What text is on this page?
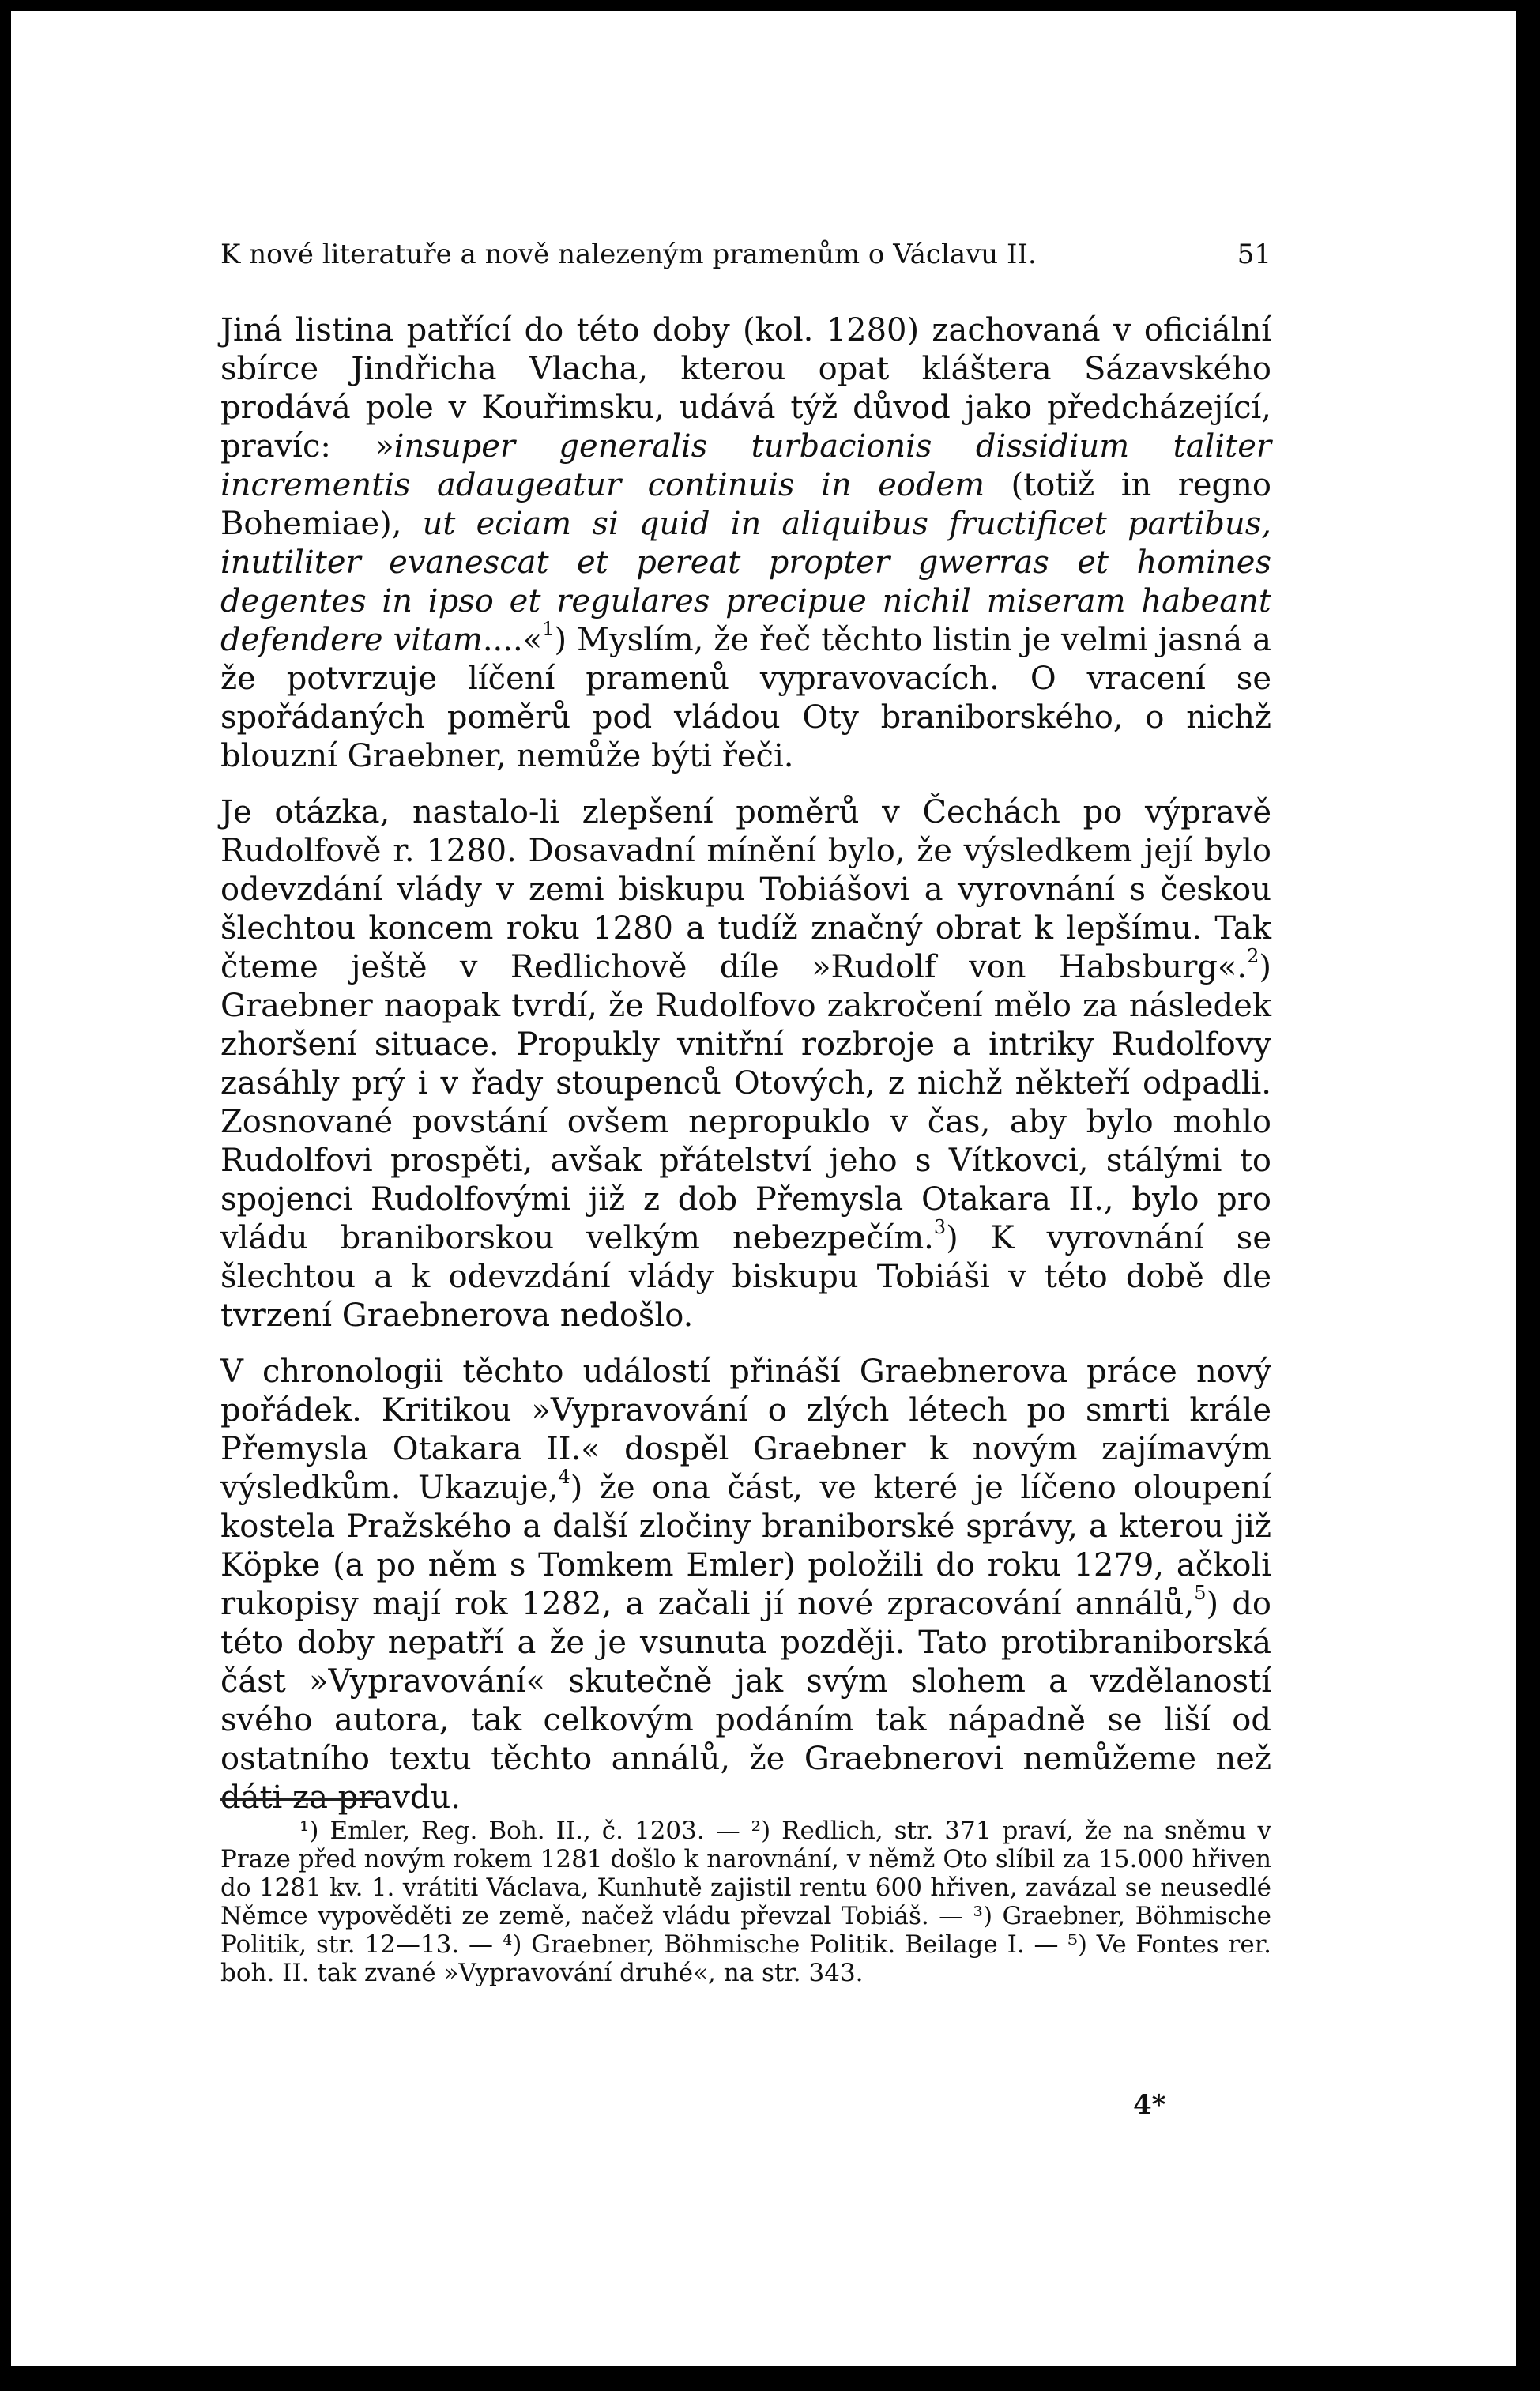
K nové literatuře a nově nalezeným pramenům o Václavu II.	51

Jiná listina patřící do této doby (kol. 1280) zachovaná v oficiální sbírce Jindřicha Vlacha, kterou opat kláštera Sázavského prodává pole v Kouřimsku, udává týž důvod jako předcházející, pravíc: »insuper generalis turbacionis dissidium taliter incrementis adaugeatur continuis in eodem (totiž in regno Bohemiae), ut eciam si quid in aliquibus fructificet partibus, inutiliter evanescat et pereat propter gwerras et homines degentes in ipso et regulares precipue nichil miseram habeant defendere vitam....«$^1$) Myslím, že řeč těchto listin je velmi jasná a že potvrzuje líčení pramenů vypravovacích. O vracení se spořádaných poměrů pod vládou Oty braniborského, o nichž blouzní Graebner, nemůže býti řeči.

Je otázka, nastalo-li zlepšení poměrů v Čechách po výpravě Rudolfově r. 1280. Dosavadní mínění bylo, že výsledkem její bylo odevzdání vlády v zemi biskupu Tobiášovi a vyrovnání s českou šlechtou koncem roku 1280 a tudíž značný obrat k lepšímu. Tak čteme ještě v Redlichově díle »Rudolf von Habsburg«.$^2$) Graebner naopak tvrdí, že Rudolfovo zakročení mělo za následek zhoršení situace. Propukly vnitřní rozbroje a intriky Rudolfovy zasáhly prý i v řady stoupenců Otových, z nichž někteří odpadli. Zosnované povstání ovšem nepropuklo v čas, aby bylo mohlo Rudolfovi prospěti, avšak přátelství jeho s Vítkovci, stálými to spojenci Rudolfovými již z dob Přemysla Otakara II., bylo pro vládu braniborskou velkým nebezpečím.$^3$) K vyrovnání se šlechtou a k odevzdání vlády biskupu Tobiáši v této době dle tvrzení Graebnerova nedošlo.

V chronologii těchto událostí přináší Graebnerova práce nový pořádek. Kritikou »Vypravování o zlých létech po smrti krále Přemysla Otakara II.« dospěl Graebner k novým zajímavým výsledkům. Ukazuje,$^4$) že ona část, ve které je líčeno oloupení kostela Pražského a další zločiny braniborské správy, a kterou již Köpke (a po něm s Tomkem Emler) položili do roku 1279, ačkoli rukopisy mají rok 1282, a začali jí nové zpracování annálů,$^5$) do této doby nepatří a že je vsunuta později. Tato protibraniborská část »Vypravování« skutečně jak svým slohem a vzdělaností svého autora, tak celkovým podáním tak nápadně se liší od ostatního textu těchto annálů, že Graebnerovi nemůžeme než dáti za pravdu.

¹) Emler, Reg. Boh. II., č. 1203. — ²) Redlich, str. 371 praví, že na sněmu v Praze před novým rokem 1281 došlo k narovnání, v němž Oto slíbil za 15.000 hřiven do 1281 kv. 1. vrátiti Václava, Kunhutě zajistil rentu 600 hřiven, zavázal se neusedlé Němce vypověděti ze země, načež vládu převzal Tobiáš. — ³) Graebner, Böhmische Politik, str. 12—13. — ⁴) Graebner, Böhmische Politik. Beilage I. — ⁵) Ve Fontes rer. boh. II. tak zvané »Vypravování druhé«, na str. 343.

4*
